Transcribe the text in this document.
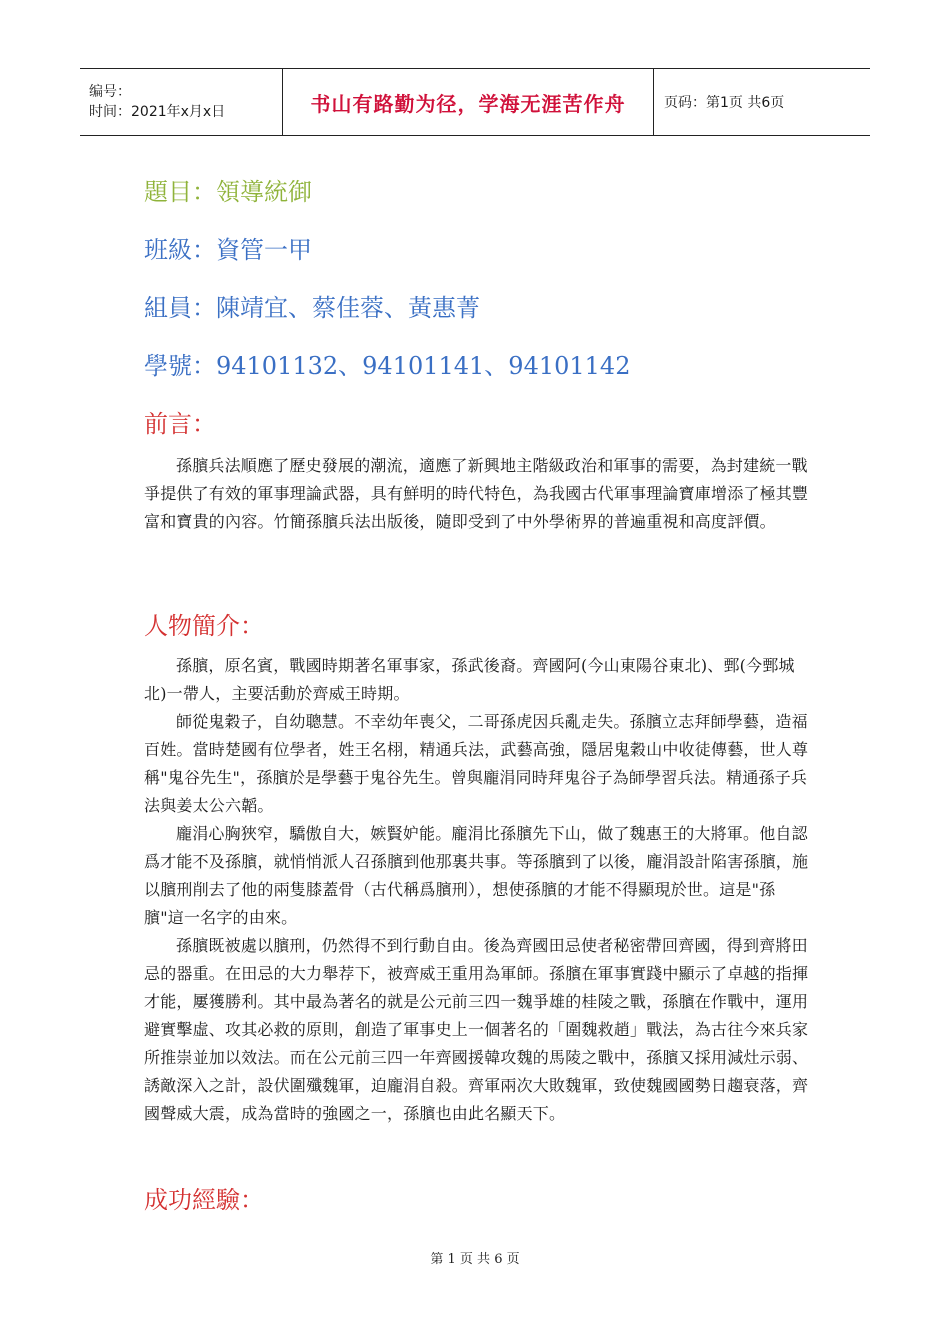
编号：
时间：2021年x月x日	书山有路勤为径，学海无涯苦作舟	页码：第1页 共6页
題目：領導統御
班級：資管一甲
組員：陳靖宜、蔡佳蓉、黃惠菁
學號：94101132、94101141、94101142
前言：

孫臏兵法順應了歷史發展的潮流，適應了新興地主階級政治和軍事的需要，為封建統一戰爭提供了有效的軍事理論武器，具有鮮明的時代特色，為我國古代軍事理論寶庫增添了極其豐富和寶貴的內容。竹簡孫臏兵法出版後，隨即受到了中外學術界的普遍重視和高度評價。

人物簡介：

孫臏，原名賓，戰國時期著名軍事家，孫武後裔。齊國阿(今山東陽谷東北)、鄄(今鄄城北)一帶人，主要活動於齊威王時期。

師從鬼穀子，自幼聰慧。不幸幼年喪父，二哥孫虎因兵亂走失。孫臏立志拜師學藝，造福百姓。當時楚國有位學者，姓王名栩，精通兵法，武藝高強，隱居鬼穀山中收徒傳藝，世人尊稱"鬼谷先生"，孫臏於是學藝于鬼谷先生。曾與龐涓同時拜鬼谷子為師學習兵法。精通孫子兵法與姜太公六韜。

龐涓心胸狹窄，驕傲自大，嫉賢妒能。龐涓比孫臏先下山，做了魏惠王的大將軍。他自認爲才能不及孫臏，就悄悄派人召孫臏到他那裏共事。等孫臏到了以後，龐涓設計陷害孫臏，施以臏刑削去了他的兩隻膝蓋骨（古代稱爲臏刑），想使孫臏的才能不得顯現於世。這是"孫臏"這一名字的由來。

孫臏既被處以臏刑，仍然得不到行動自由。後為齊國田忌使者秘密帶回齊國，得到齊將田忌的器重。在田忌的大力舉荐下，被齊威王重用為軍師。孫臏在軍事實踐中顯示了卓越的指揮才能，屢獲勝利。其中最為著名的就是公元前三四一魏爭雄的桂陵之戰，孫臏在作戰中，運用避實擊虛、攻其必救的原則，創造了軍事史上一個著名的「圍魏救趙」戰法，為古往今來兵家所推崇並加以效法。而在公元前三四一年齊國援韓攻魏的馬陵之戰中，孫臏又採用減灶示弱、誘敵深入之計，設伏圍殲魏軍，迫龐涓自殺。齊軍兩次大敗魏軍，致使魏國國勢日趨衰落，齊國聲威大震，成為當時的強國之一，孫臏也由此名顯天下。

成功經驗：
第 1 页 共 6 页
